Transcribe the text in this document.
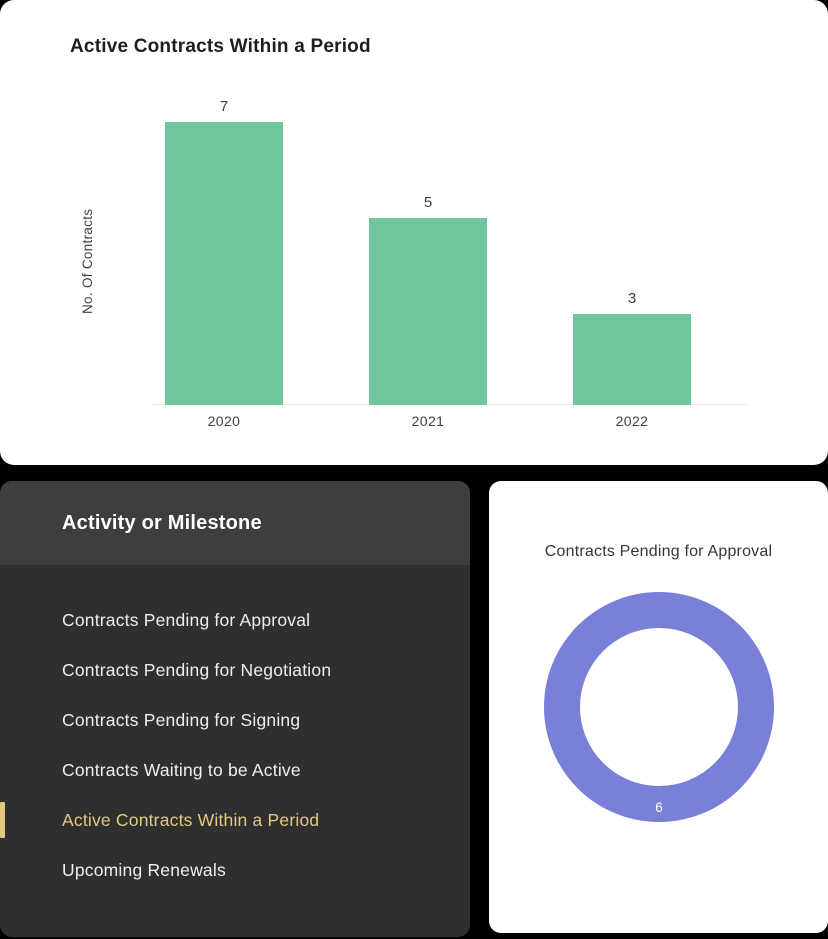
Active Contracts Within a Period
No. Of Contracts
7
5
3
2020	2021	2022
Activity or Milestone
Contracts Pending for Approval
Contracts Pending for Negotiation
Contracts Pending for Signing
Contracts Waiting to be Active
Active Contracts Within a Period
Upcoming Renewals
Contracts Pending for Approval
6
